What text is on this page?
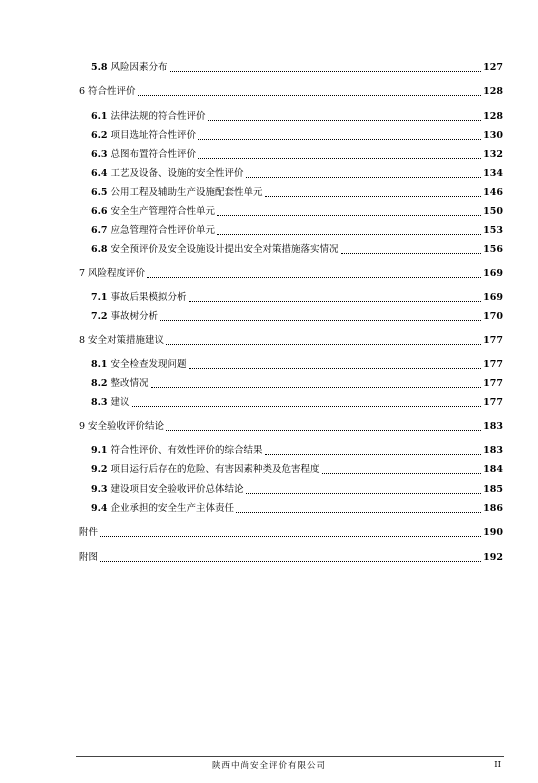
5.8 风险因素分布	127
6 符合性评价	128
6.1 法律法规的符合性评价	128
6.2 项目选址符合性评价	130
6.3 总图布置符合性评价	132
6.4 工艺及设备、设施的安全性评价	134
6.5 公用工程及辅助生产设施配套性单元	146
6.6 安全生产管理符合性单元	150
6.7 应急管理符合性评价单元	153
6.8 安全预评价及安全设施设计提出安全对策措施落实情况	156
7 风险程度评价	169
7.1 事故后果模拟分析	169
7.2 事故树分析	170
8 安全对策措施建议	177
8.1 安全检查发现问题	177
8.2 整改情况	177
8.3 建议	177
9 安全验收评价结论	183
9.1 符合性评价、有效性评价的综合结果	183
9.2 项目运行后存在的危险、有害因素种类及危害程度	184
9.3 建设项目安全验收评价总体结论	185
9.4 企业承担的安全生产主体责任	186
附件	190
附图	192
陕西中尚安全评价有限公司	II
